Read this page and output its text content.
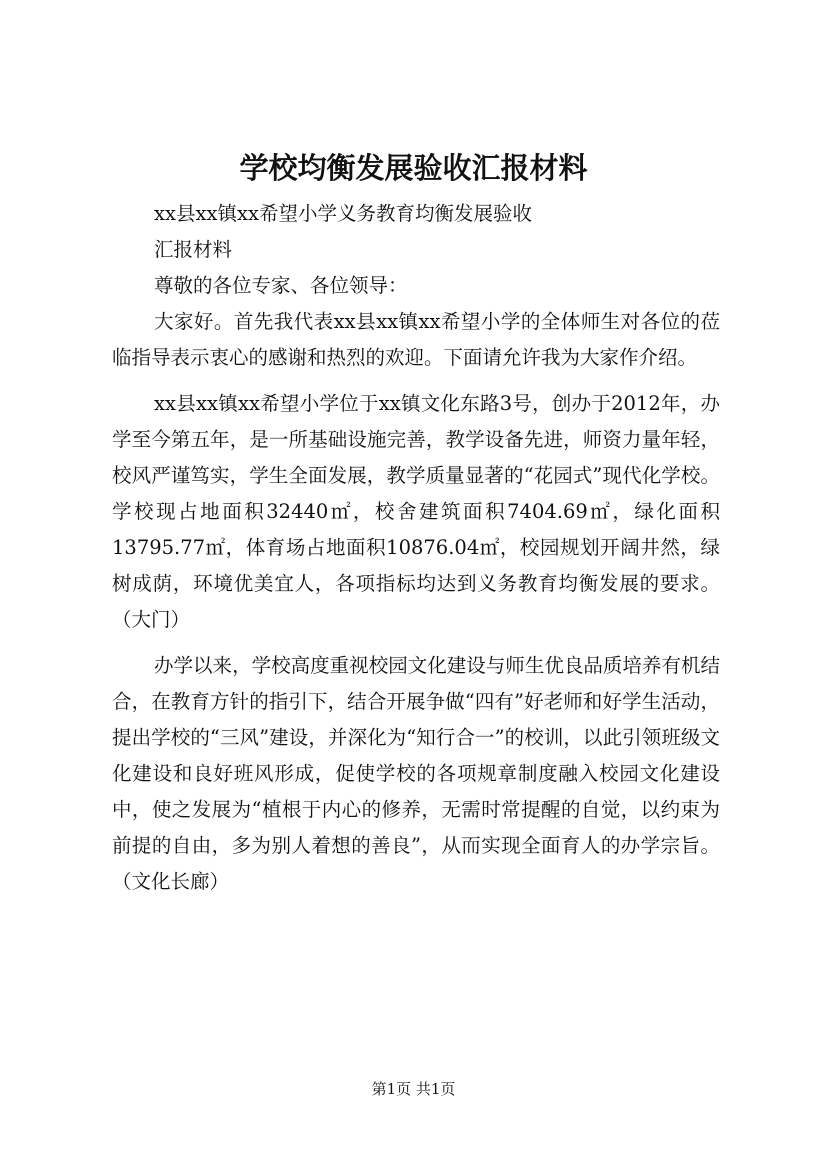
学校均衡发展验收汇报材料

xx县xx镇xx希望小学义务教育均衡发展验收

汇报材料

尊敬的各位专家、各位领导：

大家好。首先我代表xx县xx镇xx希望小学的全体师生对各位的莅临指导表示衷心的感谢和热烈的欢迎。下面请允许我为大家作介绍。

xx县xx镇xx希望小学位于xx镇文化东路3号，创办于2012年，办学至今第五年，是一所基础设施完善，教学设备先进，师资力量年轻，校风严谨笃实，学生全面发展，教学质量显著的“花园式”现代化学校。学校现占地面积32440㎡，校舍建筑面积7404.69㎡，绿化面积13795.77㎡，体育场占地面积10876.04㎡，校园规划开阔井然，绿树成荫，环境优美宜人，各项指标均达到义务教育均衡发展的要求。（大门）

办学以来，学校高度重视校园文化建设与师生优良品质培养有机结合，在教育方针的指引下，结合开展争做“四有”好老师和好学生活动，提出学校的“三风”建设，并深化为“知行合一”的校训，以此引领班级文化建设和良好班风形成，促使学校的各项规章制度融入校园文化建设中，使之发展为“植根于内心的修养，无需时常提醒的自觉，以约束为前提的自由，多为别人着想的善良”，从而实现全面育人的办学宗旨。（文化长廊）

第1页 共1页
